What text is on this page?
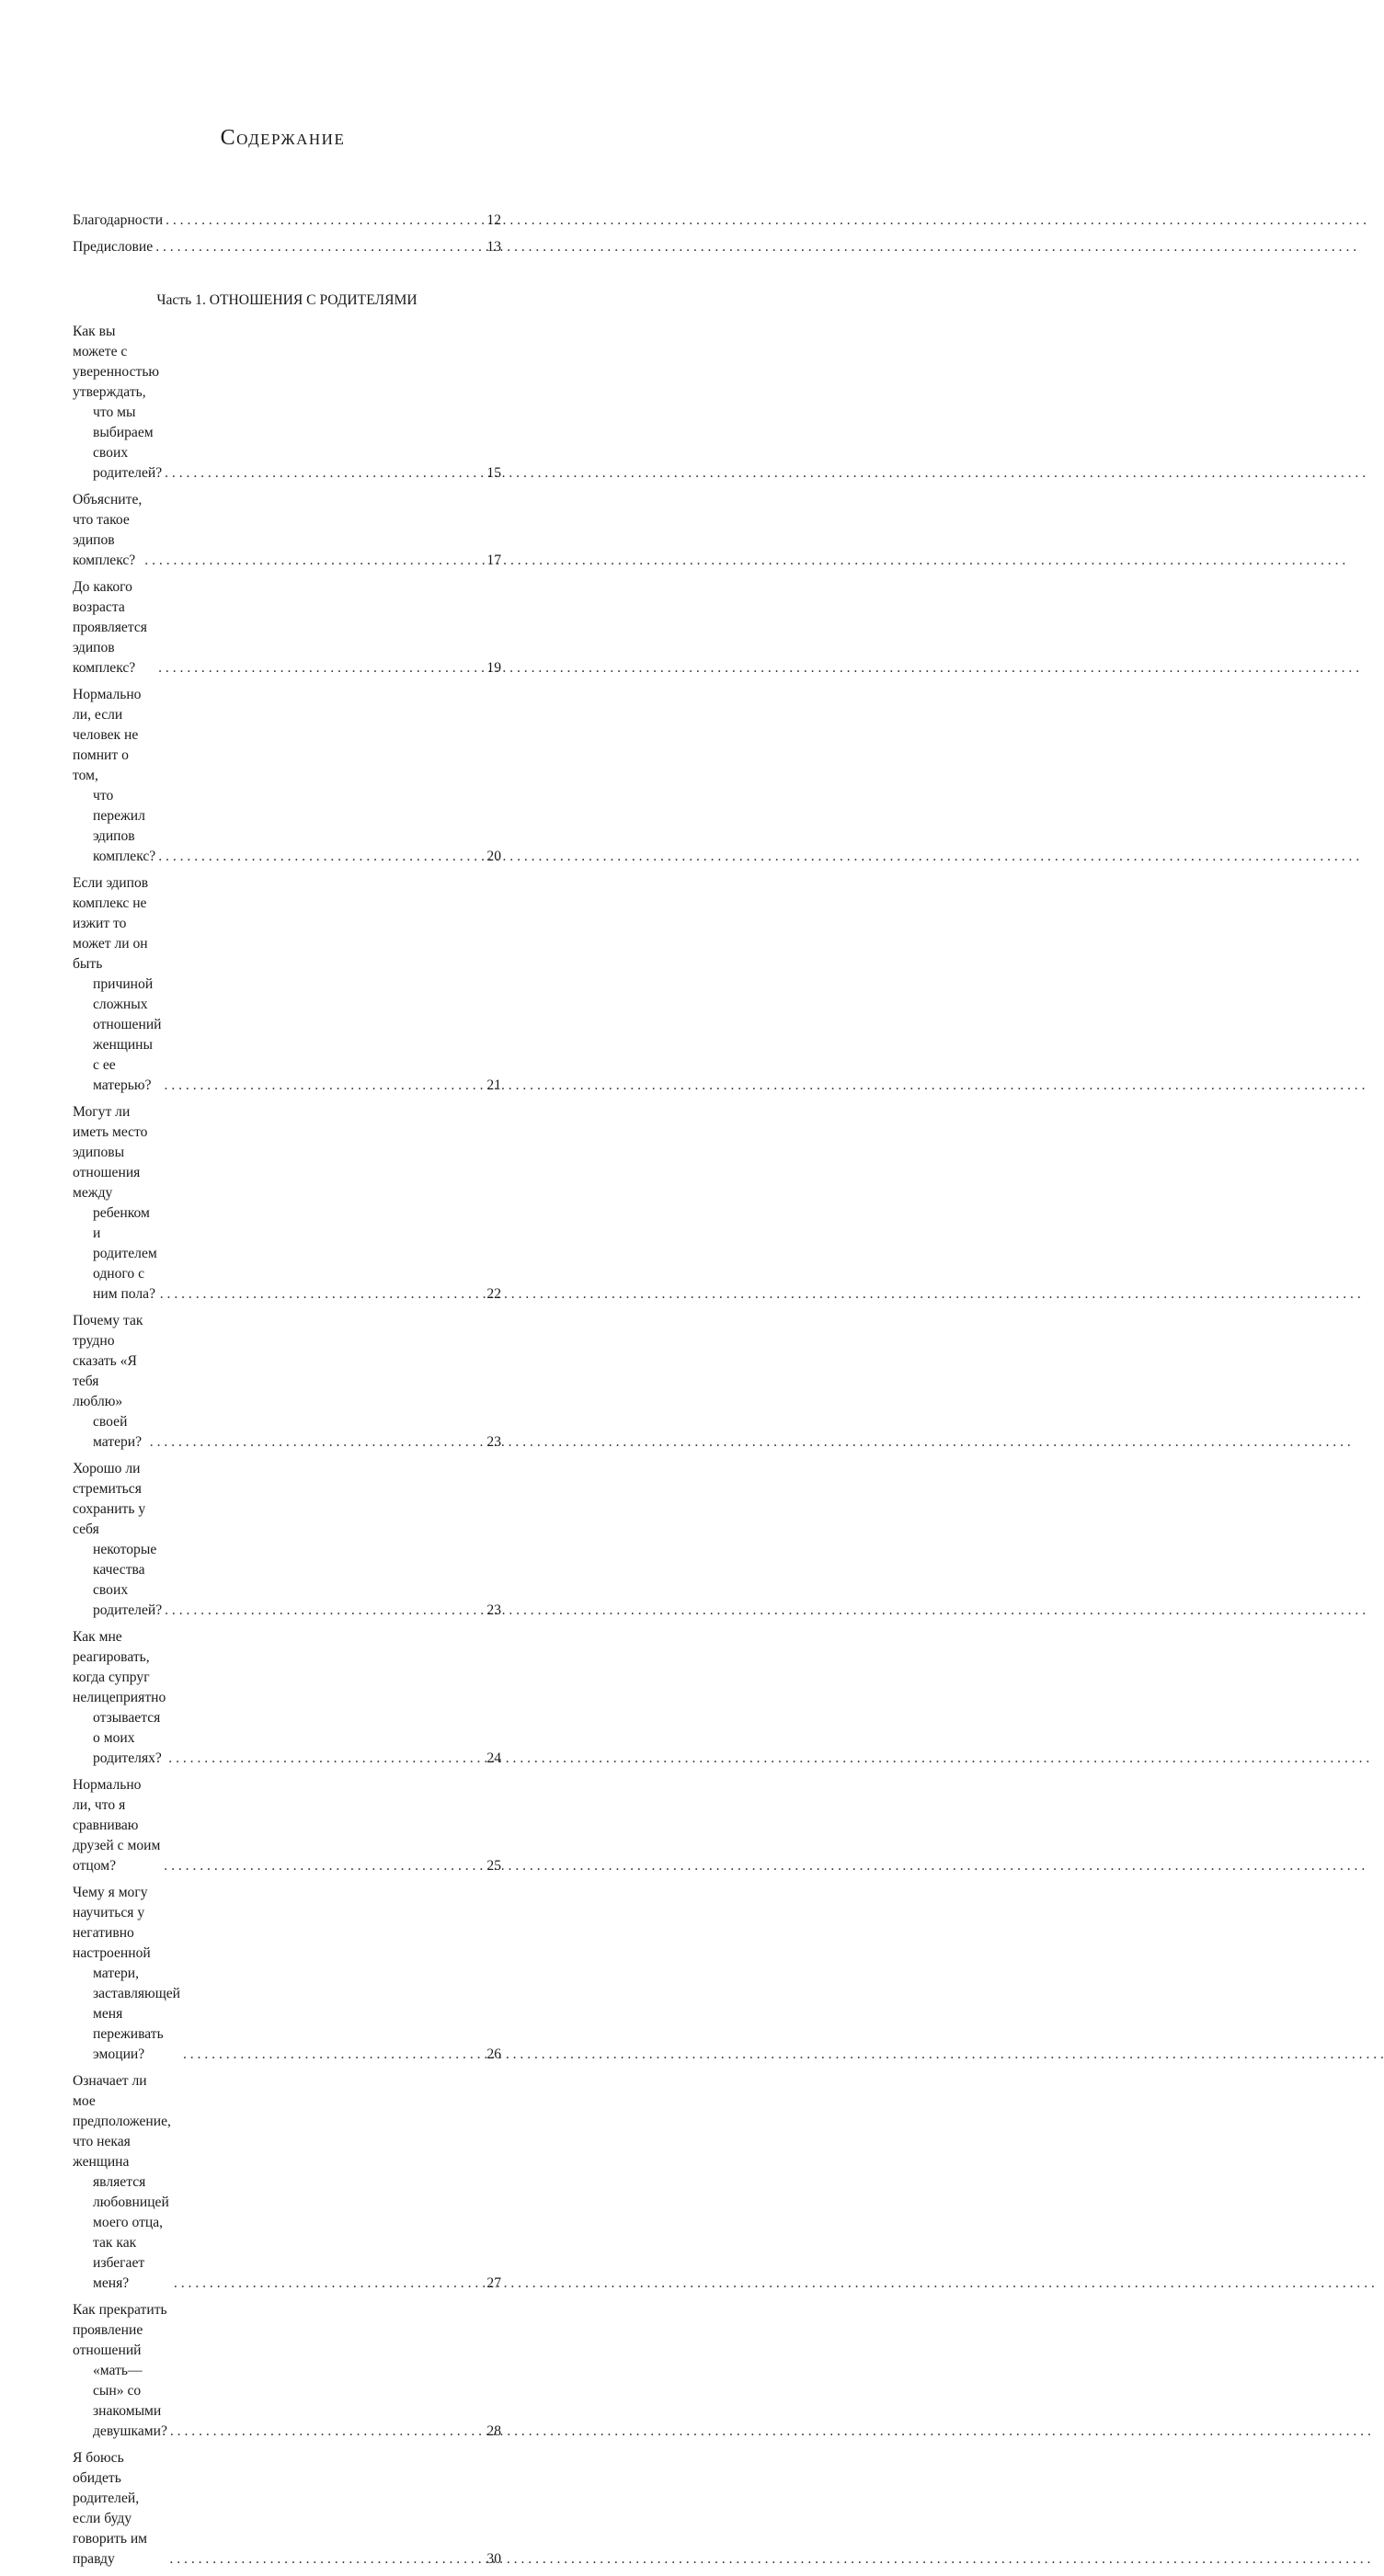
Содержание
Благодарности . . .	12
Предисловие . . .	13
Часть 1. ОТНОШЕНИЯ С РОДИТЕЛЯМИ
Как вы можете с уверенностью утверждать,
что мы выбираем своих родителей? . . .	15
Объясните, что такое эдипов комплекс? . . .	17
До какого возраста проявляется эдипов комплекс? . . .	19
Нормально ли, если человек не помнит о том,
что пережил эдипов комплекс? . . .	20
Если эдипов комплекс не изжит то может ли он быть
причиной сложных отношений женщины
с ее матерью? . . .	21
Могут ли иметь место эдиповы отношения между
ребенком и родителем одного с ним пола? . . .	22
Почему так трудно сказать «Я тебя люблю»
своей матери? . . .	23
Хорошо ли стремиться сохранить у себя
некоторые качества своих родителей? . . .	23
Как мне реагировать, когда супруг нелицеприятно
отзывается о моих родителях? . . .	24
Нормально ли, что я сравниваю друзей с моим отцом? . . .	25
Чему я могу научиться у негативно настроенной
матери, заставляющей меня переживать эмоции? . . .	26
Означает ли мое предположение, что некая женщина
является любовницей моего отца, так как избегает
меня? . . .	27
Как прекратить проявление отношений
«мать—сын» со знакомыми девушками? . . .	28
Я боюсь обидеть родителей, если буду говорить им правду . . .	30
